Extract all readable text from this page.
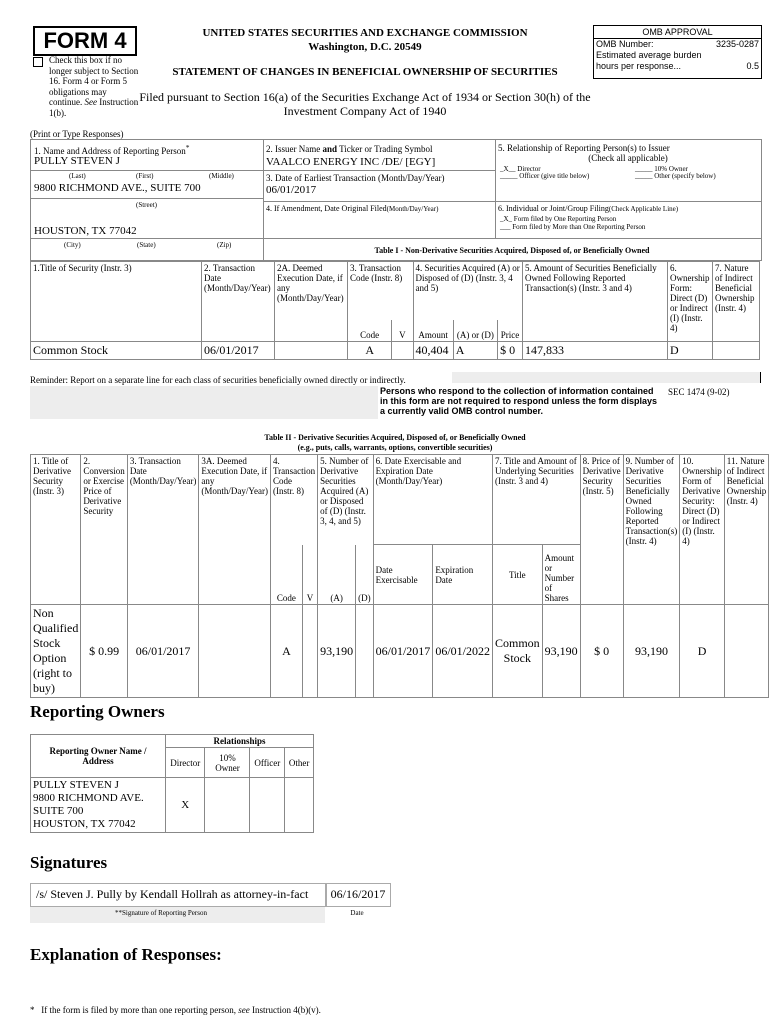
FORM 4
Check this box if no longer subject to Section 16. Form 4 or Form 5 obligations may continue. See Instruction 1(b).
UNITED STATES SECURITIES AND EXCHANGE COMMISSION
Washington, D.C. 20549
STATEMENT OF CHANGES IN BENEFICIAL OWNERSHIP OF SECURITIES
Filed pursuant to Section 16(a) of the Securities Exchange Act of 1934 or Section 30(h) of the
Investment Company Act of 1940
OMB APPROVAL
OMB Number:	3235-0287
Estimated average burden
hours per response...	0.5
(Print or Type Responses)
1. Name and Address of Reporting Person*
PULLY STEVEN J
(Last)	(First)	(Middle)
9800 RICHMOND AVE., SUITE 700
(Street)
HOUSTON, TX 77042
(City)	(State)	(Zip)
2. Issuer Name and Ticker or Trading Symbol
VAALCO ENERGY INC /DE/ [EGY]
3. Date of Earliest Transaction (Month/Day/Year)
06/01/2017
4. If Amendment, Date Original Filed(Month/Day/Year)
5. Relationship of Reporting Person(s) to Issuer
(Check all applicable)
_X__ Director	_____ 10% Owner
_____ Officer (give title below)	_____ Other (specify below)
6. Individual or Joint/Group Filing(Check Applicable Line)
_X_ Form filed by One Reporting Person
___ Form filed by More than One Reporting Person
Table I - Non-Derivative Securities Acquired, Disposed of, or Beneficially Owned
1.Title of Security (Instr. 3)	2. Transaction Date (Month/Day/Year)	2A. Deemed Execution Date, if any (Month/Day/Year)	3. Transaction Code (Instr. 8)		4. Securities Acquired (A) or Disposed of (D) (Instr. 3, 4 and 5)			5. Amount of Securities Beneficially Owned Following Reported Transaction(s) (Instr. 3 and 4)	6. Ownership Form: Direct (D) or Indirect (I) (Instr. 4)	7. Nature of Indirect Beneficial Ownership (Instr. 4)
			Code	V	Amount	(A) or (D)	Price			
Common Stock	06/01/2017		A		40,404	A	$ 0	147,833	D	
Reminder: Report on a separate line for each class of securities beneficially owned directly or indirectly.
Persons who respond to the collection of information contained in this form are not required to respond unless the form displays a currently valid OMB control number.
SEC 1474 (9-02)
Table II - Derivative Securities Acquired, Disposed of, or Beneficially Owned
(e.g., puts, calls, warrants, options, convertible securities)
1. Title of Derivative Security (Instr. 3)	2. Conversion or Exercise Price of Derivative Security	3. Transaction Date (Month/Day/Year)	3A. Deemed Execution Date, if any (Month/Day/Year)	4. Transaction Code (Instr. 8)		5. Number of Derivative Securities Acquired (A) or Disposed of (D) (Instr. 3, 4, and 5)		6. Date Exercisable and Expiration Date (Month/Day/Year)		7. Title and Amount of Underlying Securities (Instr. 3 and 4)		8. Price of Derivative Security (Instr. 5)	9. Number of Derivative Securities Beneficially Owned Following Reported Transaction(s) (Instr. 4)	10. Ownership Form of Derivative Security: Direct (D) or Indirect (I) (Instr. 4)	11. Nature of Indirect Beneficial Ownership (Instr. 4)
				Code	V	(A)	(D)	Date Exercisable	Expiration Date	Title	Amount or Number of Shares				
Non Qualified Stock Option (right to buy)	$ 0.99	06/01/2017		A		93,190		06/01/2017	06/01/2022	Common Stock	93,190	$ 0	93,190	D	
Reporting Owners
Reporting Owner Name / Address	Relationships			
	Director	10% Owner	Officer	Other

PULLY STEVEN J
9800 RICHMOND AVE.
SUITE 700
HOUSTON, TX 77042	X			
Signatures
/s/ Steven J. Pully by Kendall Hollrah as attorney-in-fact
**Signature of Reporting Person
06/16/2017
Date
Explanation of Responses:
* If the form is filed by more than one reporting person, see Instruction 4(b)(v).
